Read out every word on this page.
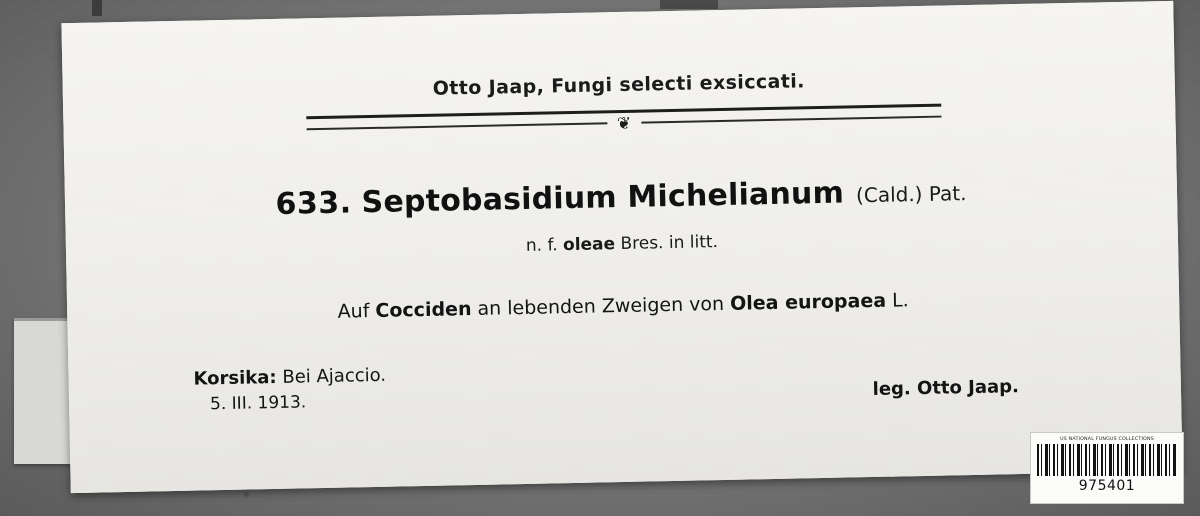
Otto Jaap, Fungi selecti exsiccati.
❦
633. Septobasidium Michelianum (Cald.) Pat.
n. f. oleae Bres. in litt.
Auf Cocciden an lebenden Zweigen von Olea europaea L.
Korsika: Bei Ajaccio.
5. III. 1913.
leg. Otto Jaap.
US NATIONAL FUNGUS COLLECTIONS
975401
